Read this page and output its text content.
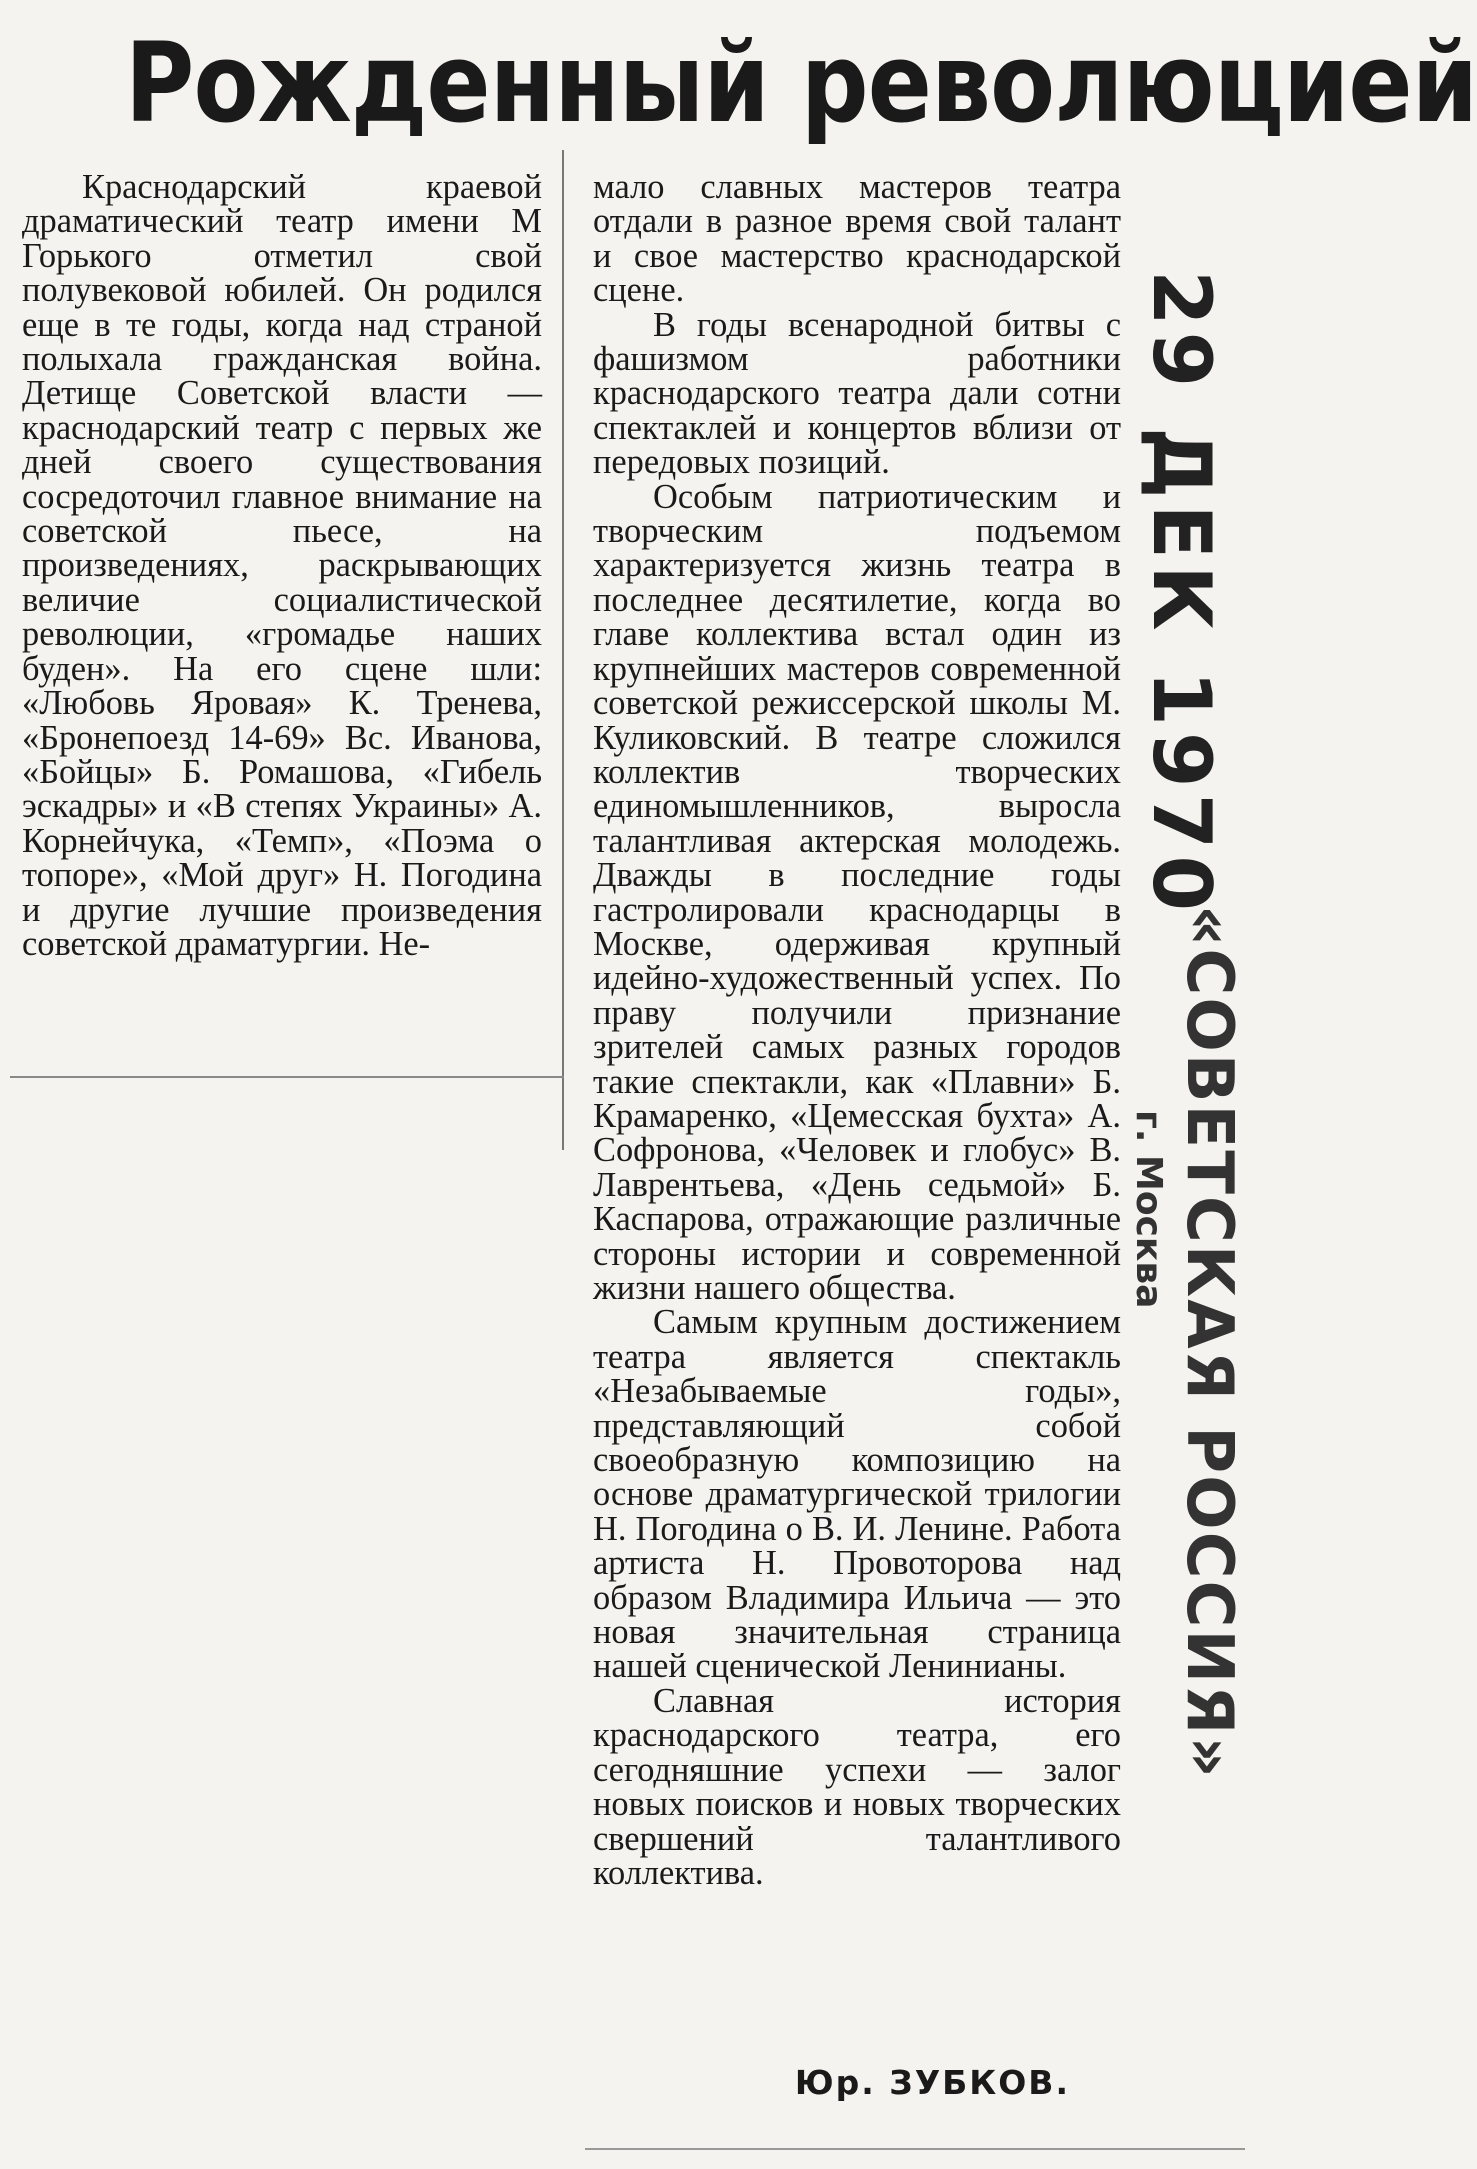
Рожденный революцией

Краснодарский краевой драматический театр имени М Горького отметил свой полувековой юбилей. Он родился еще в те годы, когда над страной полыхала гражданская война. Детище Советской власти — краснодарский театр с первых же дней своего существования сосредоточил главное внимание на советской пьесе, на произведениях, раскрывающих величие социалистической революции, «громадье наших буден». На его сцене шли: «Любовь Яровая» К. Тренева, «Бронепоезд 14-69» Вс. Иванова, «Бойцы» Б. Ромашова, «Гибель эскадры» и «В степях Украины» А. Корнейчука, «Темп», «Поэма о топоре», «Мой друг» Н. Погодина и другие лучшие произведения советской драматургии. Не-

мало славных мастеров театра отдали в разное время свой талант и свое мастерство краснодарской сцене.

В годы всенародной битвы с фашизмом работники краснодарского театра дали сотни спектаклей и концертов вблизи от передовых позиций.

Особым патриотическим и творческим подъемом характеризуется жизнь театра в последнее десятилетие, когда во главе коллектива встал один из крупнейших мастеров современной советской режиссерской школы М. Куликовский. В театре сложился коллектив творческих единомышленников, выросла талантливая актерская молодежь. Дважды в последние годы гастролировали краснодарцы в Москве, одерживая крупный идейно-художественный успех. По праву получили признание зрителей самых разных городов такие спектакли, как «Плавни» Б. Крамаренко, «Цемесская бухта» А. Софронова, «Человек и глобус» В. Лаврентьева, «День седьмой» Б. Каспарова, отражающие различные стороны истории и современной жизни нашего общества.

Самым крупным достижением театра является спектакль «Незабываемые годы», представляющий собой своеобразную композицию на основе драматургической трилогии Н. Погодина о В. И. Ленине. Работа артиста Н. Провоторова над образом Владимира Ильича — это новая значительная страница нашей сценической Ленинианы.

Славная история краснодарского театра, его сегодняшние успехи — залог новых поисков и новых творческих свершений талантливого коллектива.

Юр. ЗУБКОВ.
29 ДЕК 1970
«СОВЕТСКАЯ РОССИЯ»
г. Москва
